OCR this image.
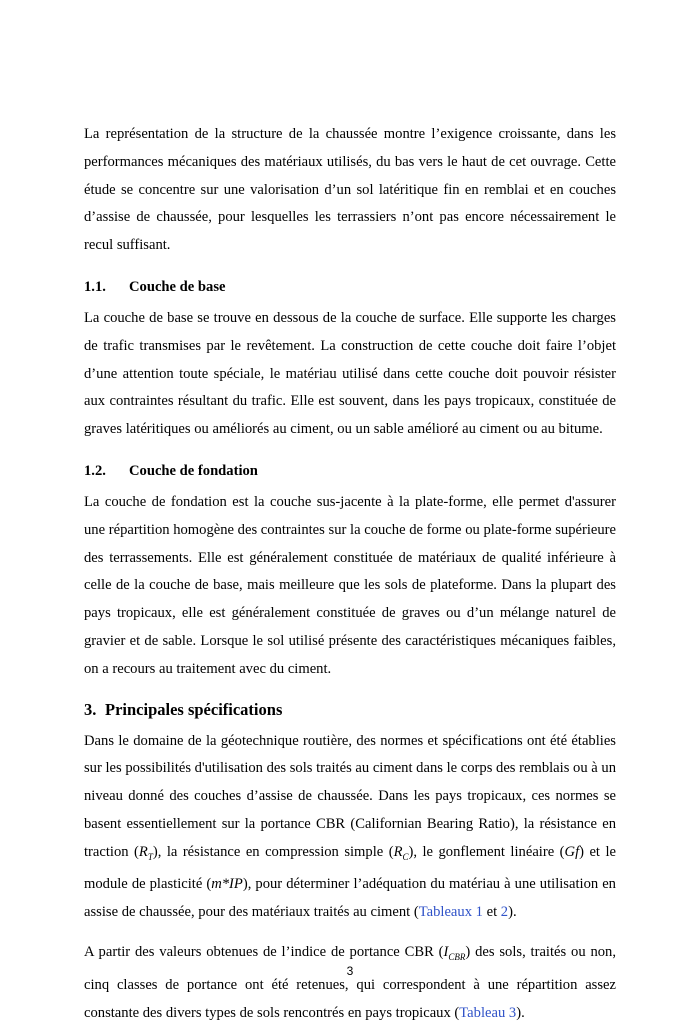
La représentation de la structure de la chaussée montre l’exigence croissante, dans les performances mécaniques des matériaux utilisés, du bas vers le haut de cet ouvrage. Cette étude se concentre sur une valorisation d’un sol latéritique fin en remblai et en couches d’assise de chaussée, pour lesquelles les terrassiers n’ont pas encore nécessairement le recul suffisant.

1.1. Couche de base

La couche de base se trouve en dessous de la couche de surface. Elle supporte les charges de trafic transmises par le revêtement. La construction de cette couche doit faire l’objet d’une attention toute spéciale, le matériau utilisé dans cette couche doit pouvoir résister aux contraintes résultant du trafic. Elle est souvent, dans les pays tropicaux, constituée de graves latéritiques ou améliorés au ciment, ou un sable amélioré au ciment ou au bitume.

1.2. Couche de fondation

La couche de fondation est la couche sus-jacente à la plate-forme, elle permet d'assurer une répartition homogène des contraintes sur la couche de forme ou plate-forme supérieure des terrassements. Elle est généralement constituée de matériaux de qualité inférieure à celle de la couche de base, mais meilleure que les sols de plateforme. Dans la plupart des pays tropicaux, elle est généralement constituée de graves ou d’un mélange naturel de gravier et de sable. Lorsque le sol utilisé présente des caractéristiques mécaniques faibles, on a recours au traitement avec du ciment.

3. Principales spécifications

Dans le domaine de la géotechnique routière, des normes et spécifications ont été établies sur les possibilités d'utilisation des sols traités au ciment dans le corps des remblais ou à un niveau donné des couches d’assise de chaussée. Dans les pays tropicaux, ces normes se basent essentiellement sur la portance CBR (Californian Bearing Ratio), la résistance en traction $(R_T)$, la résistance en compression simple $(R_C)$, le gonflement linéaire (Gf) et le module de plasticité (m*IP), pour déterminer l’adéquation du matériau à une utilisation en assise de chaussée, pour des matériaux traités au ciment (Tableaux 1 et 2).

A partir des valeurs obtenues de l’indice de portance CBR $(I_{CBR})$ des sols, traités ou non, cinq classes de portance ont été retenues, qui correspondent à une répartition assez constante des divers types de sols rencontrés en pays tropicaux (Tableau 3).

3
